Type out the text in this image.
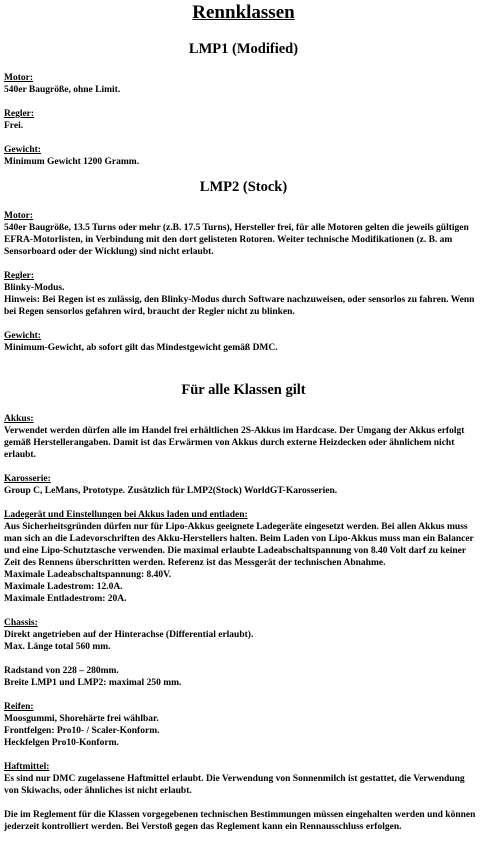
Rennklassen
LMP1 (Modified)
Motor:
540er Baugröße, ohne Limit.
Regler:
Frei.
Gewicht:
Minimum Gewicht 1200 Gramm.
LMP2 (Stock)
Motor:
540er Baugröße, 13.5 Turns oder mehr (z.B. 17.5 Turns), Hersteller frei, für alle Motoren gelten die jeweils gültigen
EFRA-Motorlisten, in Verbindung mit den dort gelisteten Rotoren. Weiter technische Modifikationen (z. B. am
Sensorboard oder der Wicklung) sind nicht erlaubt.
Regler:
Blinky-Modus.
Hinweis: Bei Regen ist es zulässig, den Blinky-Modus durch Software nachzuweisen, oder sensorlos zu fahren. Wenn
bei Regen sensorlos gefahren wird, braucht der Regler nicht zu blinken.
Gewicht:
Minimum-Gewicht, ab sofort gilt das Mindestgewicht gemäß DMC.
Für alle Klassen gilt
Akkus:
Verwendet werden dürfen alle im Handel frei erhältlichen 2S-Akkus im Hardcase. Der Umgang der Akkus erfolgt
gemäß Herstellerangaben. Damit ist das Erwärmen von Akkus durch externe Heizdecken oder ähnlichem nicht
erlaubt.
Karosserie:
Group C, LeMans, Prototype. Zusätzlich für LMP2(Stock) WorldGT-Karosserien.
Ladegerät und Einstellungen bei Akkus laden und entladen:
Aus Sicherheitsgründen dürfen nur für Lipo-Akkus geeignete Ladegeräte eingesetzt werden. Bei allen Akkus muss
man sich an die Ladevorschriften des Akku-Herstellers halten. Beim Laden von Lipo-Akkus muss man ein Balancer
und eine Lipo-Schutztasche verwenden. Die maximal erlaubte Ladeabschaltspannung von 8.40 Volt darf zu keiner
Zeit des Rennens überschritten werden. Referenz ist das Messgerät der technischen Abnahme.
Maximale Ladeabschaltspannung: 8.40V.
Maximale Ladestrom: 12.0A.
Maximale Entladestrom: 20A.
Chassis:
Direkt angetrieben auf der Hinterachse (Differential erlaubt).
Max. Länge total 560 mm.
Radstand von 228 – 280mm.
Breite LMP1 und LMP2: maximal 250 mm.
Reifen:
Moosgummi, Shorehärte frei wählbar.
Frontfelgen: Pro10- / Scaler-Konform.
Heckfelgen Pro10-Konform.
Haftmittel:
Es sind nur DMC zugelassene Haftmittel erlaubt. Die Verwendung von Sonnenmilch ist gestattet, die Verwendung
von Skiwachs, oder ähnliches ist nicht erlaubt.
Die im Reglement für die Klassen vorgegebenen technischen Bestimmungen müssen eingehalten werden und können
jederzeit kontrolliert werden. Bei Verstoß gegen das Reglement kann ein Rennausschluss erfolgen.
